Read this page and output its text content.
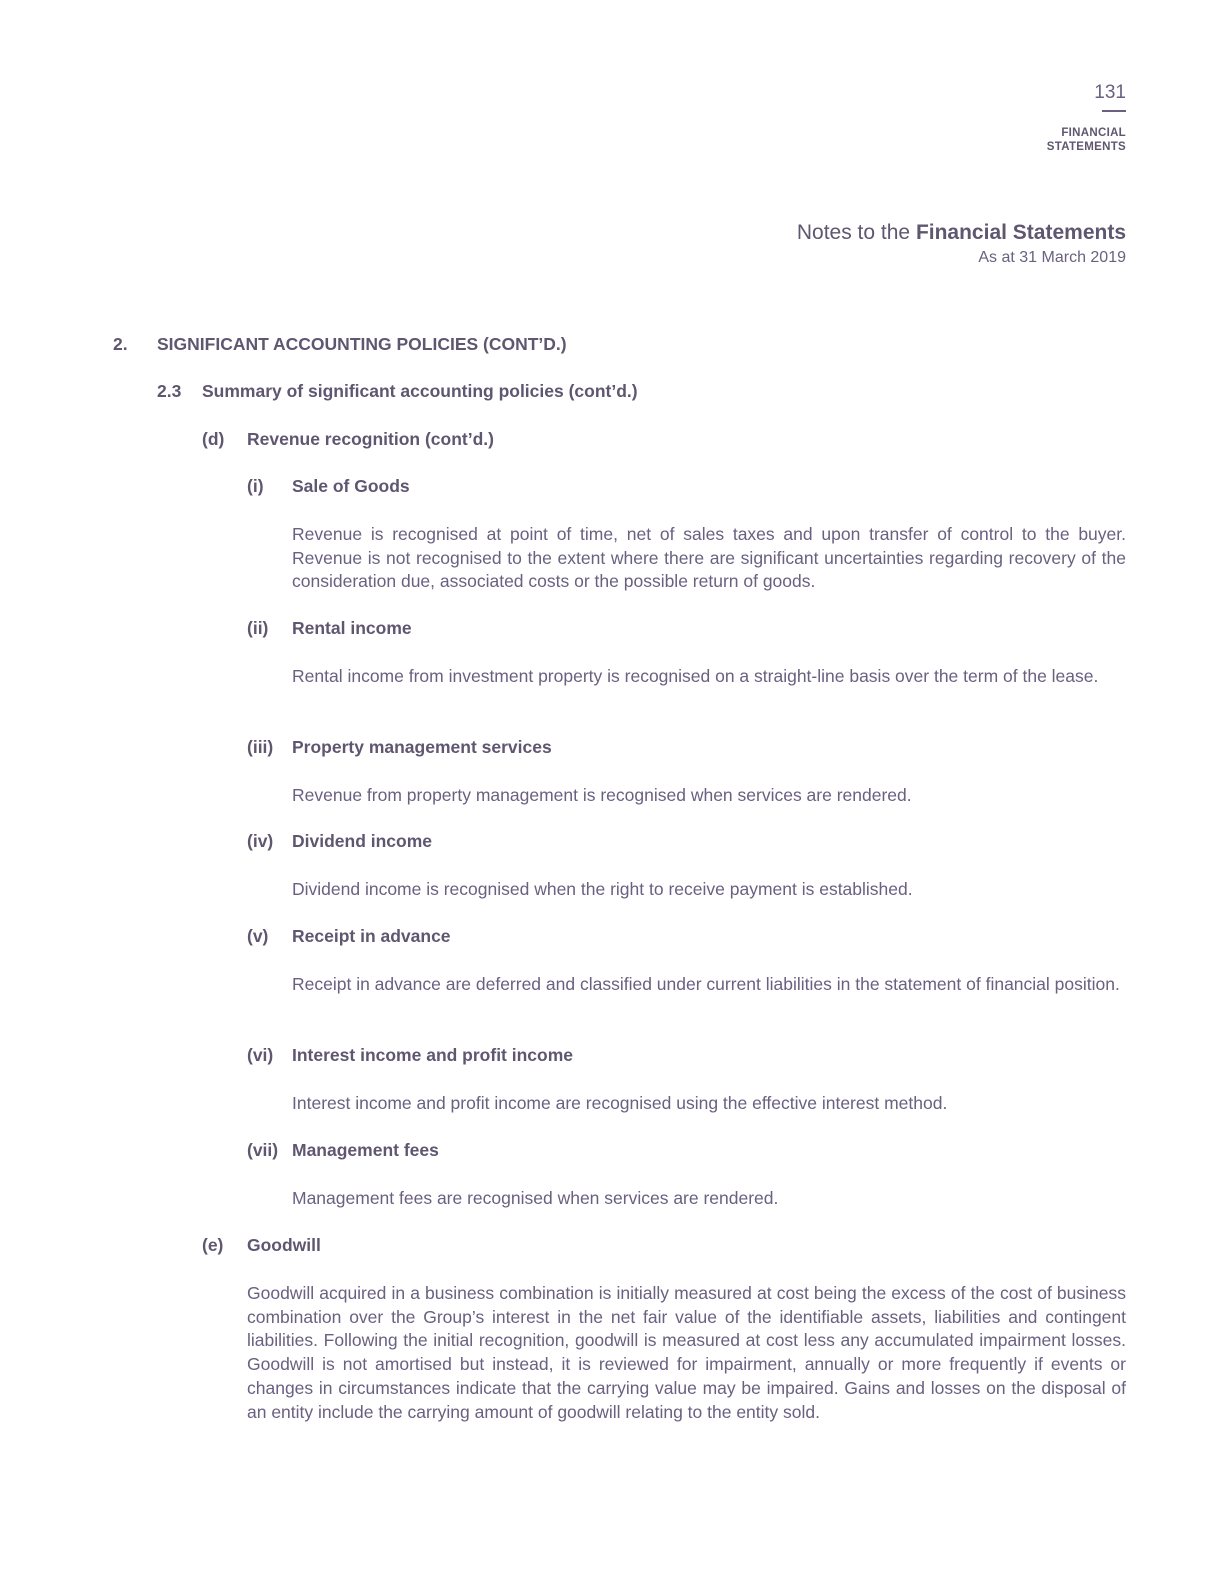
131
FINANCIAL
STATEMENTS
Notes to the Financial Statements
As at 31 March 2019
2. SIGNIFICANT ACCOUNTING POLICIES (CONT’D.)
2.3 Summary of significant accounting policies (cont’d.)
(d) Revenue recognition (cont’d.)
(i) Sale of Goods
Revenue is recognised at point of time, net of sales taxes and upon transfer of control to the buyer. Revenue is not recognised to the extent where there are significant uncertainties regarding recovery of the consideration due, associated costs or the possible return of goods.
(ii) Rental income
Rental income from investment property is recognised on a straight-line basis over the term of the lease.
(iii) Property management services
Revenue from property management is recognised when services are rendered.
(iv) Dividend income
Dividend income is recognised when the right to receive payment is established.
(v) Receipt in advance
Receipt in advance are deferred and classified under current liabilities in the statement of financial position.
(vi) Interest income and profit income
Interest income and profit income are recognised using the effective interest method.
(vii) Management fees
Management fees are recognised when services are rendered.
(e) Goodwill
Goodwill acquired in a business combination is initially measured at cost being the excess of the cost of business combination over the Group’s interest in the net fair value of the identifiable assets, liabilities and contingent liabilities. Following the initial recognition, goodwill is measured at cost less any accumulated impairment losses. Goodwill is not amortised but instead, it is reviewed for impairment, annually or more frequently if events or changes in circumstances indicate that the carrying value may be impaired. Gains and losses on the disposal of an entity include the carrying amount of goodwill relating to the entity sold.
